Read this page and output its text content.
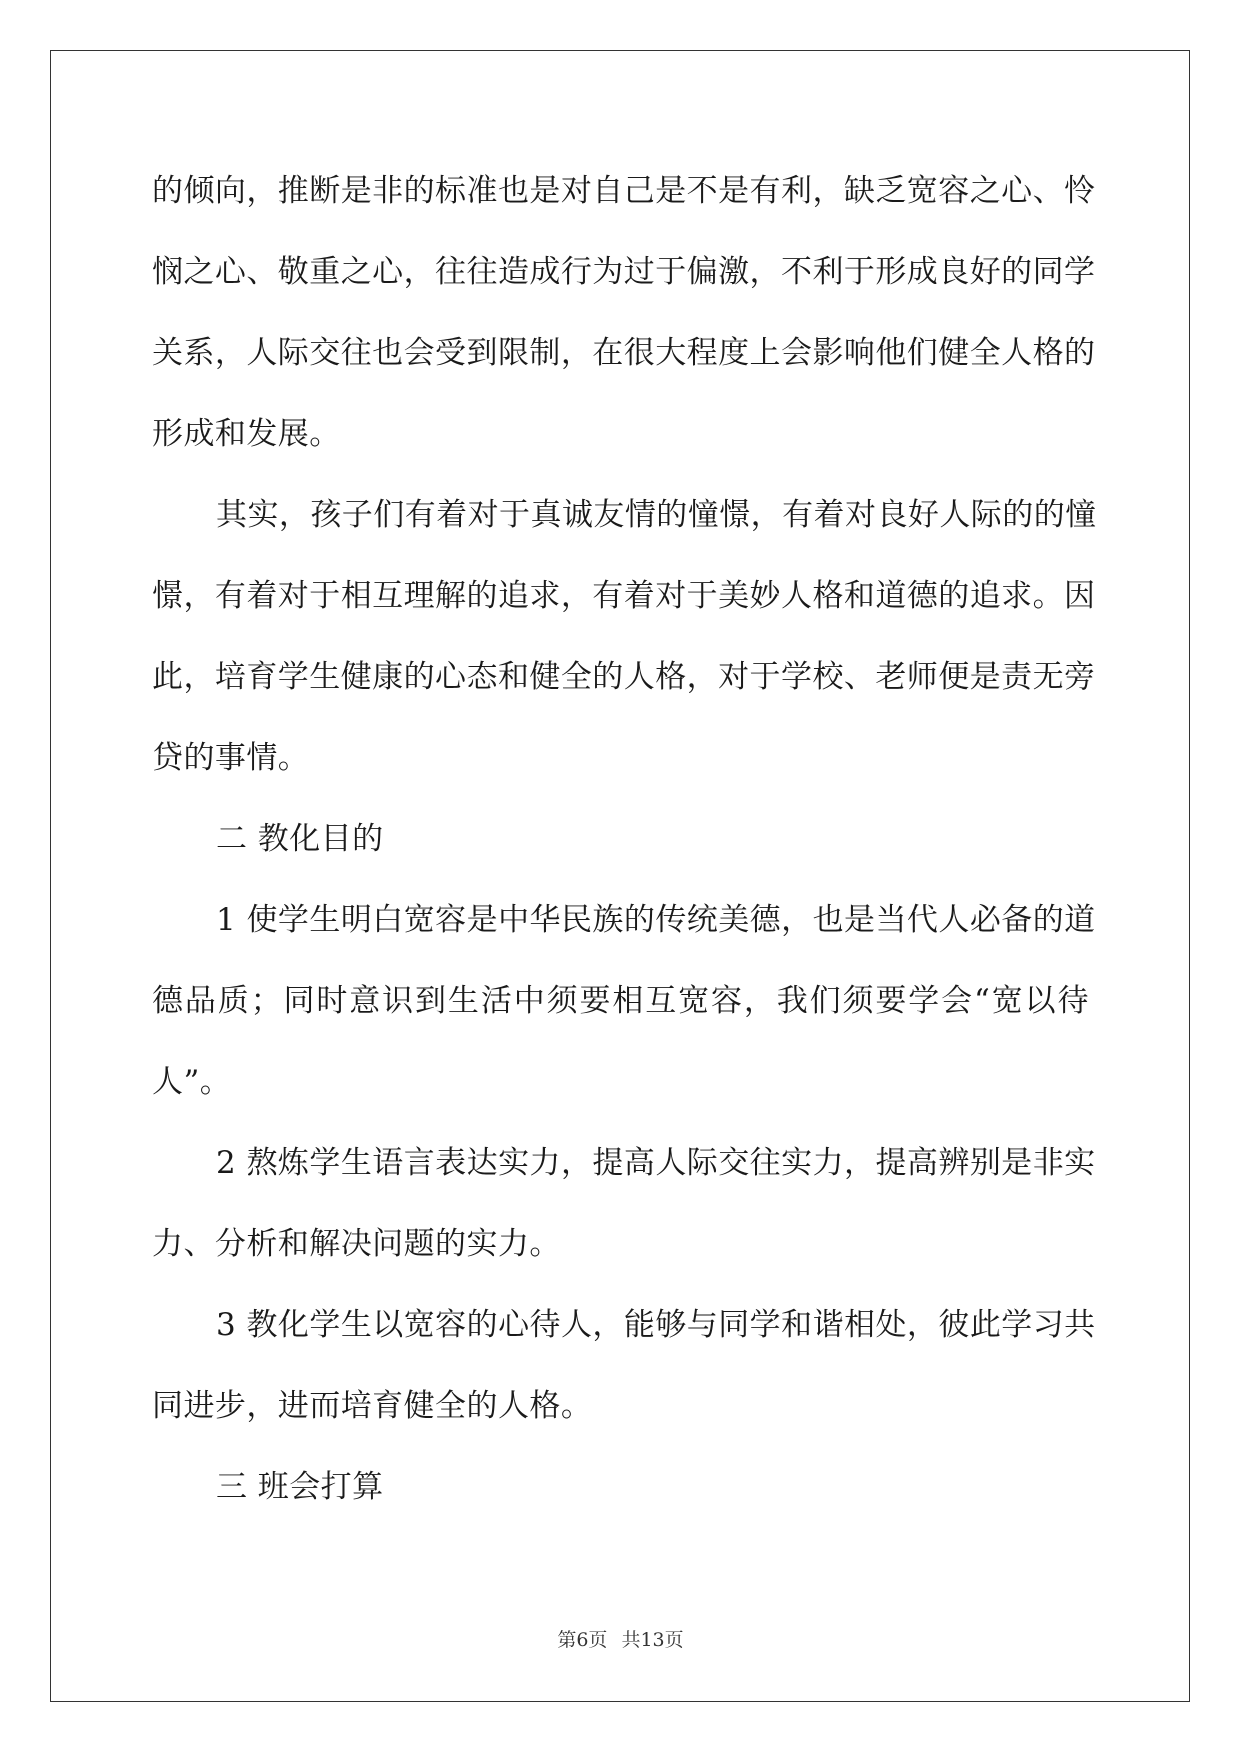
的倾向，推断是非的标准也是对自己是不是有利，缺乏宽容之心、怜
悯之心、敬重之心，往往造成行为过于偏激，不利于形成良好的同学
关系，人际交往也会受到限制，在很大程度上会影响他们健全人格的
形成和发展。
其实，孩子们有着对于真诚友情的憧憬，有着对良好人际的的憧
憬，有着对于相互理解的追求，有着对于美妙人格和道德的追求。因
此，培育学生健康的心态和健全的人格，对于学校、老师便是责无旁
贷的事情。
二 教化目的
1 使学生明白宽容是中华民族的传统美德，也是当代人必备的道
德品质；同时意识到生活中须要相互宽容，我们须要学会“宽以待
人”。
2 熬炼学生语言表达实力，提高人际交往实力，提高辨别是非实
力、分析和解决问题的实力。
3 教化学生以宽容的心待人，能够与同学和谐相处，彼此学习共
同进步，进而培育健全的人格。
三 班会打算
第6页 共13页
